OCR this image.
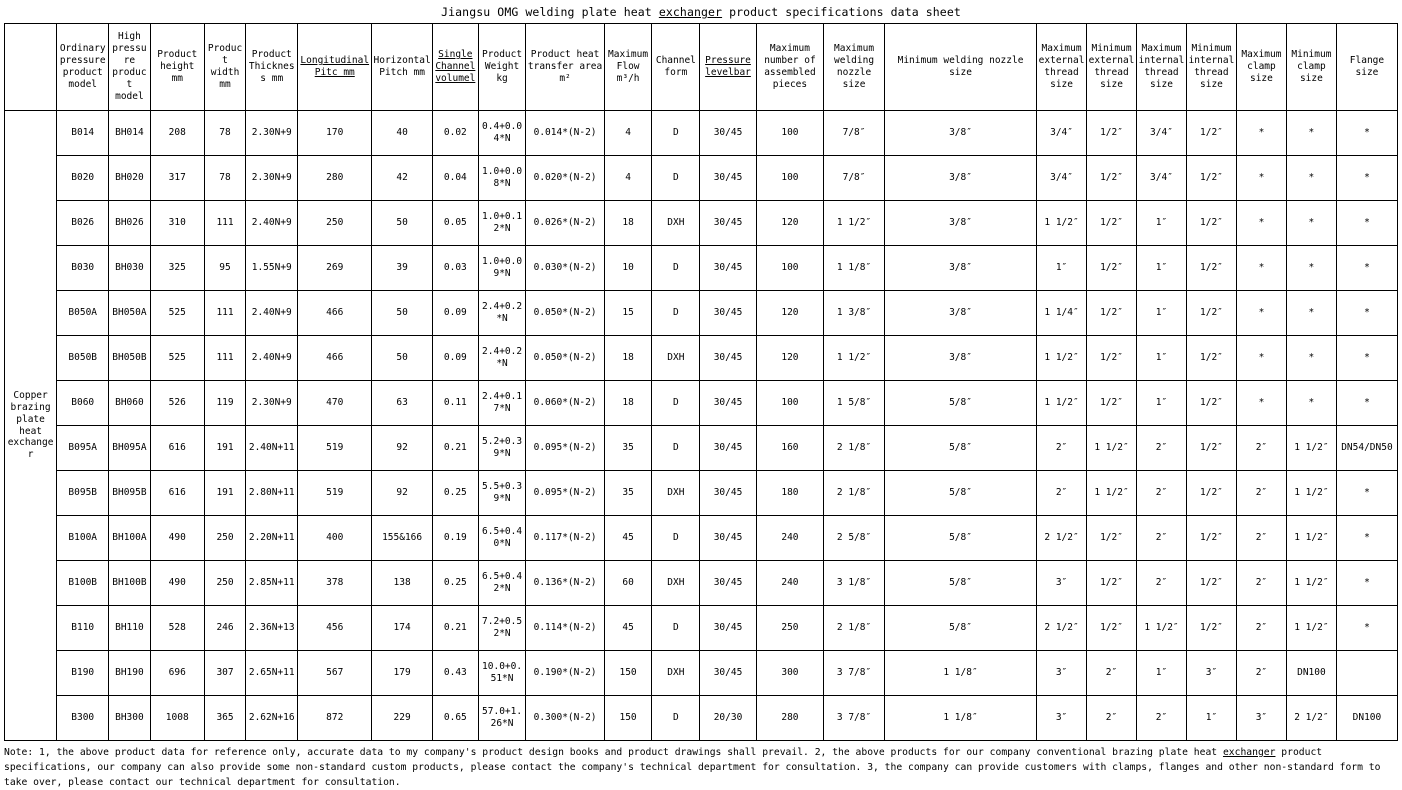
Jiangsu OMG welding plate heat exchanger product specifications data sheet
	Ordinary pressure product model	High pressure product model	Product height mm	Product width mm	Product Thickness mm	Longitudinal Pitc mm	Horizontal Pitch mm	Single Channel volumel	Product Weight kg	Product heat transfer area m²	Maximum Flow m³/h	Channel form	Pressure levelbar	Maximum number of assembled pieces	Maximum welding nozzle size	Minimum welding nozzle size	Maximum external thread size	Minimum external thread size	Maximum internal thread size	Minimum internal thread size	Maximum clamp size	Minimum clamp size	Flange size
Copper brazing plate heat exchanger	B014	BH014	208	78	2.30N+9	170	40	0.02	0.4+0.04*N	0.014*(N-2)	4	D	30/45	100	7/8″	3/8″	3/4″	1/2″	3/4″	1/2″	*	*	*
	B020	BH020	317	78	2.30N+9	280	42	0.04	1.0+0.08*N	0.020*(N-2)	4	D	30/45	100	7/8″	3/8″	3/4″	1/2″	3/4″	1/2″	*	*	*
	B026	BH026	310	111	2.40N+9	250	50	0.05	1.0+0.12*N	0.026*(N-2)	18	DXH	30/45	120	1 1/2″	3/8″	1 1/2″	1/2″	1″	1/2″	*	*	*
	B030	BH030	325	95	1.55N+9	269	39	0.03	1.0+0.09*N	0.030*(N-2)	10	D	30/45	100	1 1/8″	3/8″	1″	1/2″	1″	1/2″	*	*	*
	B050A	BH050A	525	111	2.40N+9	466	50	0.09	2.4+0.2*N	0.050*(N-2)	15	D	30/45	120	1 3/8″	3/8″	1 1/4″	1/2″	1″	1/2″	*	*	*
	B050B	BH050B	525	111	2.40N+9	466	50	0.09	2.4+0.2*N	0.050*(N-2)	18	DXH	30/45	120	1 1/2″	3/8″	1 1/2″	1/2″	1″	1/2″	*	*	*
	B060	BH060	526	119	2.30N+9	470	63	0.11	2.4+0.17*N	0.060*(N-2)	18	D	30/45	100	1 5/8″	5/8″	1 1/2″	1/2″	1″	1/2″	*	*	*
	B095A	BH095A	616	191	2.40N+11	519	92	0.21	5.2+0.39*N	0.095*(N-2)	35	D	30/45	160	2 1/8″	5/8″	2″	1 1/2″	2″	1/2″	2″	1 1/2″	DN54/DN50
	B095B	BH095B	616	191	2.80N+11	519	92	0.25	5.5+0.39*N	0.095*(N-2)	35	DXH	30/45	180	2 1/8″	5/8″	2″	1 1/2″	2″	1/2″	2″	1 1/2″	*
	B100A	BH100A	490	250	2.20N+11	400	155&166	0.19	6.5+0.40*N	0.117*(N-2)	45	D	30/45	240	2 5/8″	5/8″	2 1/2″	1/2″	2″	1/2″	2″	1 1/2″	*
	B100B	BH100B	490	250	2.85N+11	378	138	0.25	6.5+0.42*N	0.136*(N-2)	60	DXH	30/45	240	3 1/8″	5/8″	3″	1/2″	2″	1/2″	2″	1 1/2″	*
	B110	BH110	528	246	2.36N+13	456	174	0.21	7.2+0.52*N	0.114*(N-2)	45	D	30/45	250	2 1/8″	5/8″	2 1/2″	1/2″	1 1/2″	1/2″	2″	1 1/2″	*
	B190	BH190	696	307	2.65N+11	567	179	0.43	10.0+0.51*N	0.190*(N-2)	150	DXH	30/45	300	3 7/8″	1 1/8″	3″	2″	1″	3″	2″	DN100	
	B300	BH300	1008	365	2.62N+16	872	229	0.65	57.0+1.26*N	0.300*(N-2)	150	D	20/30	280	3 7/8″	1 1/8″	3″	2″	2″	1″	3″	2 1/2″	DN100
Note: 1, the above product data for reference only, accurate data to my company's product design books and product drawings shall prevail. 2, the above products for our company conventional brazing plate heat exchanger product specifications, our company can also provide some non-standard custom products, please contact the company's technical department for consultation. 3, the company can provide customers with clamps, flanges and other non-standard form to take over, please contact our technical department for consultation.
